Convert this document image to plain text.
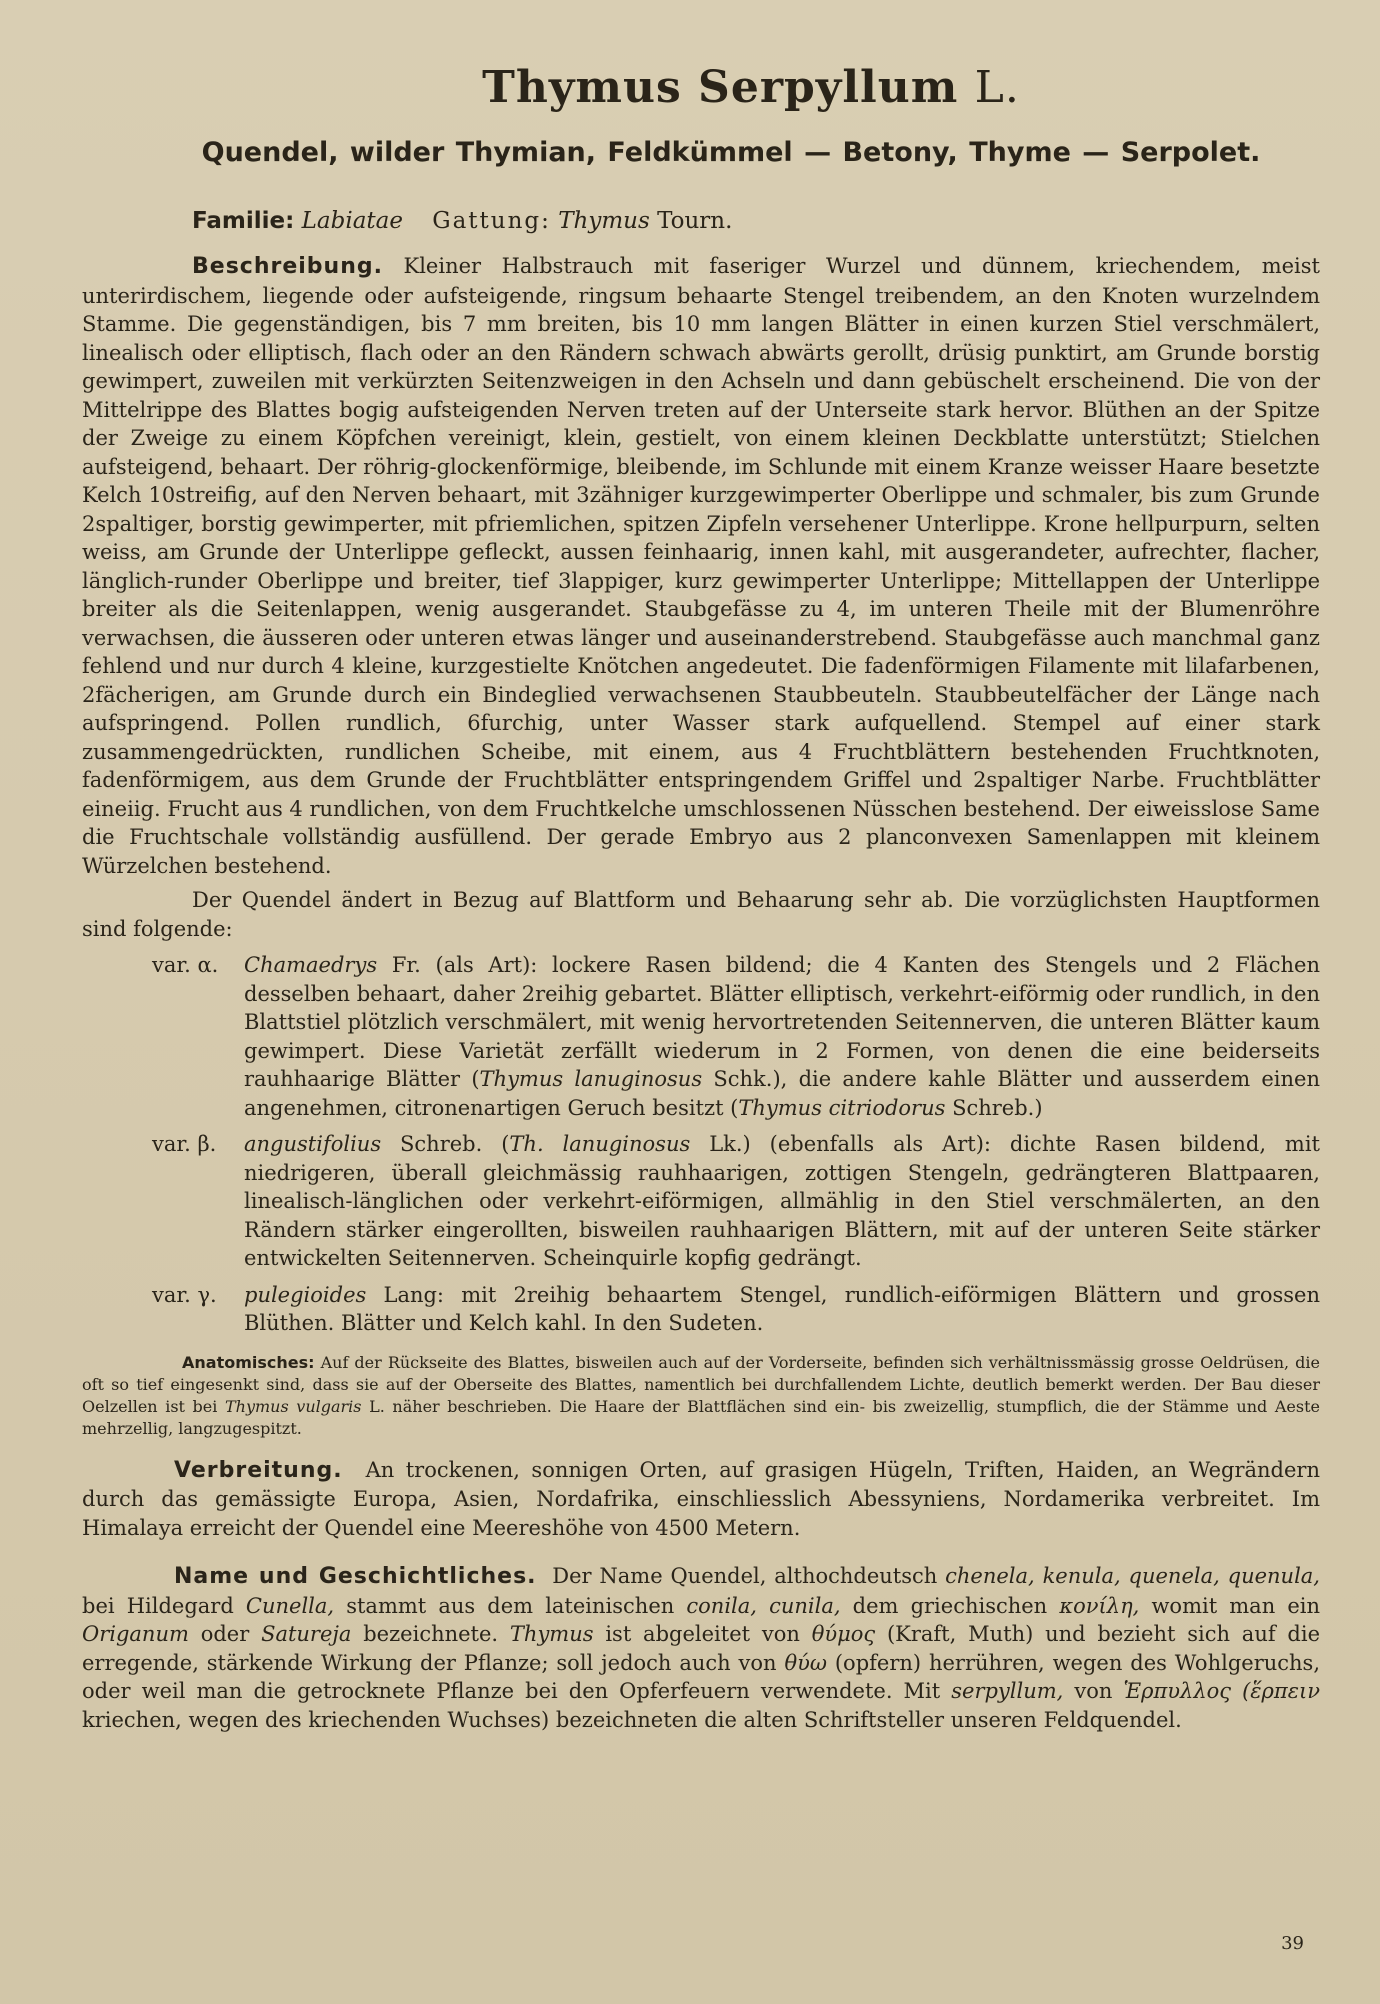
Thymus Serpyllum L.
Quendel, wilder Thymian, Feldkümmel — Betony, Thyme — Serpolet.
Familie: Labiatae Gattung: Thymus Tourn.

Beschreibung. Kleiner Halbstrauch mit faseriger Wurzel und dünnem, kriechendem, meist unterirdischem, liegende oder aufsteigende, ringsum behaarte Stengel treibendem, an den Knoten wurzelndem Stamme. Die gegenständigen, bis 7 mm breiten, bis 10 mm langen Blätter in einen kurzen Stiel verschmälert, linealisch oder elliptisch, flach oder an den Rändern schwach abwärts gerollt, drüsig punktirt, am Grunde borstig gewimpert, zuweilen mit verkürzten Seitenzweigen in den Achseln und dann gebüschelt erscheinend. Die von der Mittelrippe des Blattes bogig aufsteigenden Nerven treten auf der Unterseite stark hervor. Blüthen an der Spitze der Zweige zu einem Köpfchen vereinigt, klein, gestielt, von einem kleinen Deckblatte unterstützt; Stielchen aufsteigend, behaart. Der röhrig-glockenförmige, bleibende, im Schlunde mit einem Kranze weisser Haare besetzte Kelch 10streifig, auf den Nerven behaart, mit 3zähniger kurzgewimperter Oberlippe und schmaler, bis zum Grunde 2spaltiger, borstig gewimperter, mit pfriemlichen, spitzen Zipfeln versehener Unterlippe. Krone hellpurpurn, selten weiss, am Grunde der Unterlippe gefleckt, aussen feinhaarig, innen kahl, mit ausgerandeter, aufrechter, flacher, länglich-runder Oberlippe und breiter, tief 3lappiger, kurz gewimperter Unterlippe; Mittellappen der Unterlippe breiter als die Seitenlappen, wenig ausgerandet. Staubgefässe zu 4, im unteren Theile mit der Blumenröhre verwachsen, die äusseren oder unteren etwas länger und auseinanderstrebend. Staubgefässe auch manchmal ganz fehlend und nur durch 4 kleine, kurzgestielte Knötchen angedeutet. Die fadenförmigen Filamente mit lilafarbenen, 2fächerigen, am Grunde durch ein Bindeglied verwachsenen Staubbeuteln. Staubbeutelfächer der Länge nach aufspringend. Pollen rundlich, 6furchig, unter Wasser stark aufquellend. Stempel auf einer stark zusammengedrückten, rundlichen Scheibe, mit einem, aus 4 Fruchtblättern bestehenden Fruchtknoten, fadenförmigem, aus dem Grunde der Fruchtblätter entspringendem Griffel und 2spaltiger Narbe. Fruchtblätter eineiig. Frucht aus 4 rundlichen, von dem Fruchtkelche umschlossenen Nüsschen bestehend. Der eiweisslose Same die Fruchtschale vollständig ausfüllend. Der gerade Embryo aus 2 planconvexen Samenlappen mit kleinem Würzelchen bestehend.

Der Quendel ändert in Bezug auf Blattform und Behaarung sehr ab. Die vorzüglichsten Hauptformen sind folgende:

var. α.	Chamaedrys Fr. (als Art): lockere Rasen bildend; die 4 Kanten des Stengels und 2 Flächen desselben behaart, daher 2reihig gebartet. Blätter elliptisch, verkehrt-eiförmig oder rundlich, in den Blattstiel plötzlich verschmälert, mit wenig hervortretenden Seitennerven, die unteren Blätter kaum gewimpert. Diese Varietät zerfällt wiederum in 2 Formen, von denen die eine beiderseits rauhhaarige Blätter (Thymus lanuginosus Schk.), die andere kahle Blätter und ausserdem einen angenehmen, citronenartigen Geruch besitzt (Thymus citriodorus Schreb.)
var. β.	angustifolius Schreb. (Th. lanuginosus Lk.) (ebenfalls als Art): dichte Rasen bildend, mit niedrigeren, überall gleichmässig rauhhaarigen, zottigen Stengeln, gedrängteren Blattpaaren, linealisch-länglichen oder verkehrt-eiförmigen, allmählig in den Stiel verschmälerten, an den Rändern stärker eingerollten, bisweilen rauhhaarigen Blättern, mit auf der unteren Seite stärker entwickelten Seitennerven. Scheinquirle kopfig gedrängt.
var. γ.	pulegioides Lang: mit 2reihig behaartem Stengel, rundlich-eiförmigen Blättern und grossen Blüthen. Blätter und Kelch kahl. In den Sudeten.

Anatomisches: Auf der Rückseite des Blattes, bisweilen auch auf der Vorderseite, befinden sich verhältnissmässig grosse Oeldrüsen, die oft so tief eingesenkt sind, dass sie auf der Oberseite des Blattes, namentlich bei durchfallendem Lichte, deutlich bemerkt werden. Der Bau dieser Oelzellen ist bei Thymus vulgaris L. näher beschrieben. Die Haare der Blattflächen sind ein- bis zweizellig, stumpflich, die der Stämme und Aeste mehrzellig, langzugespitzt.

Verbreitung. An trockenen, sonnigen Orten, auf grasigen Hügeln, Triften, Haiden, an Wegrändern durch das gemässigte Europa, Asien, Nordafrika, einschliesslich Abessyniens, Nordamerika verbreitet. Im Himalaya erreicht der Quendel eine Meereshöhe von 4500 Metern.

Name und Geschichtliches. Der Name Quendel, althochdeutsch chenela, kenula, quenela, quenula, bei Hildegard Cunella, stammt aus dem lateinischen conila, cunila, dem griechischen κονίλη, womit man ein Origanum oder Satureja bezeichnete. Thymus ist abgeleitet von θύμος (Kraft, Muth) und bezieht sich auf die erregende, stärkende Wirkung der Pflanze; soll jedoch auch von θύω (opfern) herrühren, wegen des Wohlgeruchs, oder weil man die getrocknete Pflanze bei den Opferfeuern verwendete. Mit serpyllum, von Ἑρπυλλος (ἕρπειν kriechen, wegen des kriechenden Wuchses) bezeichneten die alten Schriftsteller unseren Feldquendel.

39
